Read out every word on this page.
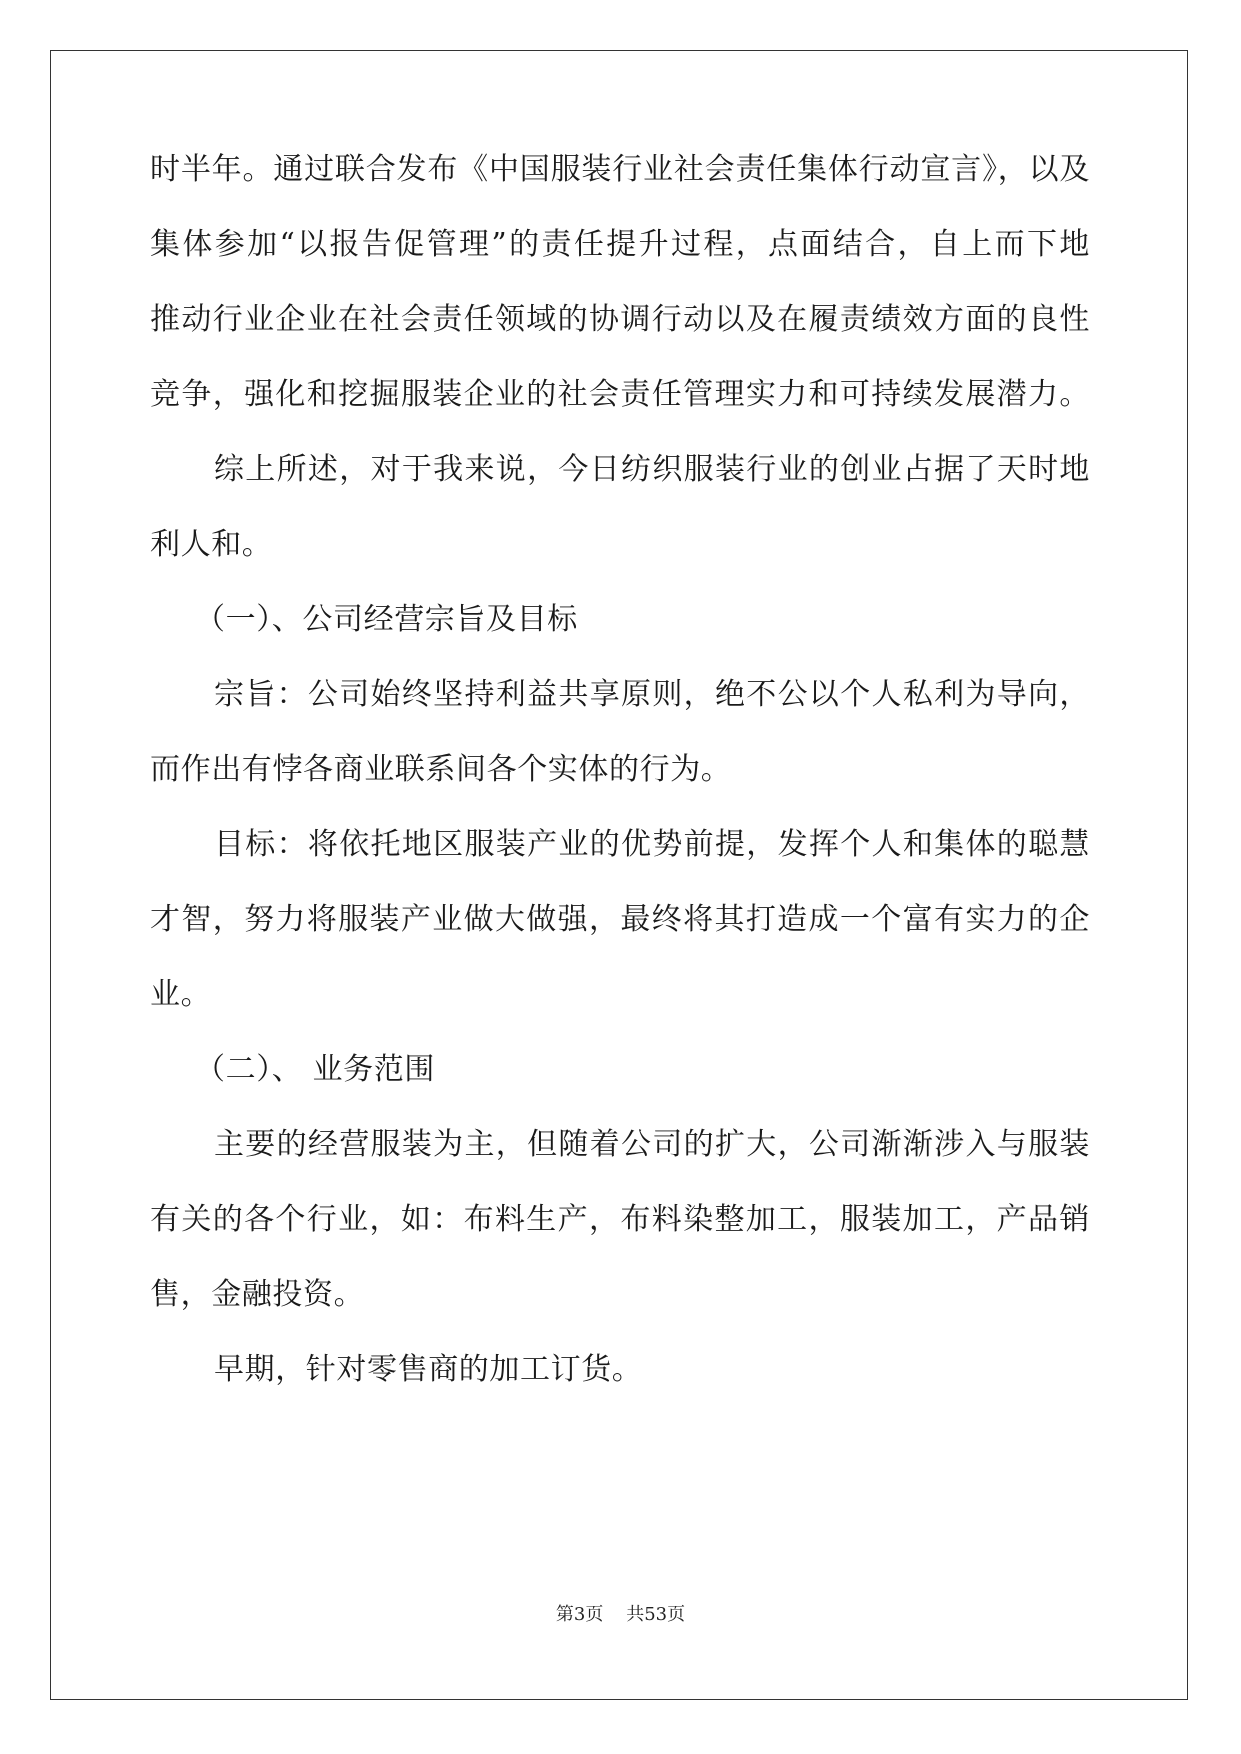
时半年。通过联合发布《中国服装行业社会责任集体行动宣言》，以及
集体参加“以报告促管理”的责任提升过程，点面结合，自上而下地
推动行业企业在社会责任领域的协调行动以及在履责绩效方面的良性
竞争，强化和挖掘服装企业的社会责任管理实力和可持续发展潜力。
综上所述，对于我来说，今日纺织服装行业的创业占据了天时地
利人和。
（一）、公司经营宗旨及目标
宗旨：公司始终坚持利益共享原则，绝不公以个人私利为导向，
而作出有悖各商业联系间各个实体的行为。
目标：将依托地区服装产业的优势前提，发挥个人和集体的聪慧
才智，努力将服装产业做大做强，最终将其打造成一个富有实力的企
业。
（二）、 业务范围
主要的经营服装为主，但随着公司的扩大，公司渐渐涉入与服装
有关的各个行业，如：布料生产，布料染整加工，服装加工，产品销
售，金融投资。
早期，针对零售商的加工订货。
第3页 共53页
